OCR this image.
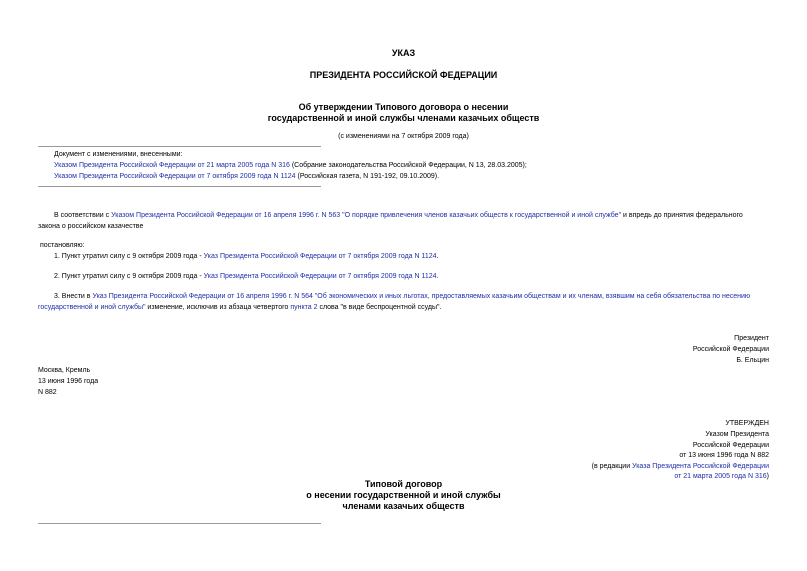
УКАЗ
ПРЕЗИДЕНТА РОССИЙСКОЙ ФЕДЕРАЦИИ
Об утверждении Типового договора о несении
государственной и иной службы членами казачьих обществ
(с изменениями на 7 октября 2009 года)
Документ с изменениями, внесенными:
Указом Президента Российской Федерации от 21 марта 2005 года N 316 (Собрание законодательства Российской Федерации, N 13, 28.03.2005);
Указом Президента Российской Федерации от 7 октября 2009 года N 1124 (Российская газета, N 191-192, 09.10.2009).
В соответствии с Указом Президента Российской Федерации от 16 апреля 1996 г. N 563 "О порядке привлечения членов казачьих обществ к государственной и иной службе" и впредь до принятия федерального
закона о российском казачестве
постановляю:
1. Пункт утратил силу с 9 октября 2009 года - Указ Президента Российской Федерации от 7 октября 2009 года N 1124.
2. Пункт утратил силу с 9 октября 2009 года - Указ Президента Российской Федерации от 7 октября 2009 года N 1124.
3. Внести в Указ Президента Российской Федерации от 16 апреля 1996 г. N 564 "Об экономических и иных льготах, предоставляемых казачьим обществам и их членам, взявшим на себя обязательства по несению
государственной и иной службы" изменение, исключив из абзаца четвертого пункта 2 слова "в виде беспроцентной ссуды".
Президент
Российской Федерации
Б. Ельцин
Москва, Кремль
13 июня 1996 года
N 882
УТВЕРЖДЕН
Указом Президента
Российской Федерации
от 13 июня 1996 года N 882
(в редакции Указа Президента Российской Федерации
от 21 марта 2005 года N 316)
Типовой договор
о несении государственной и иной службы
членами казачьих обществ
